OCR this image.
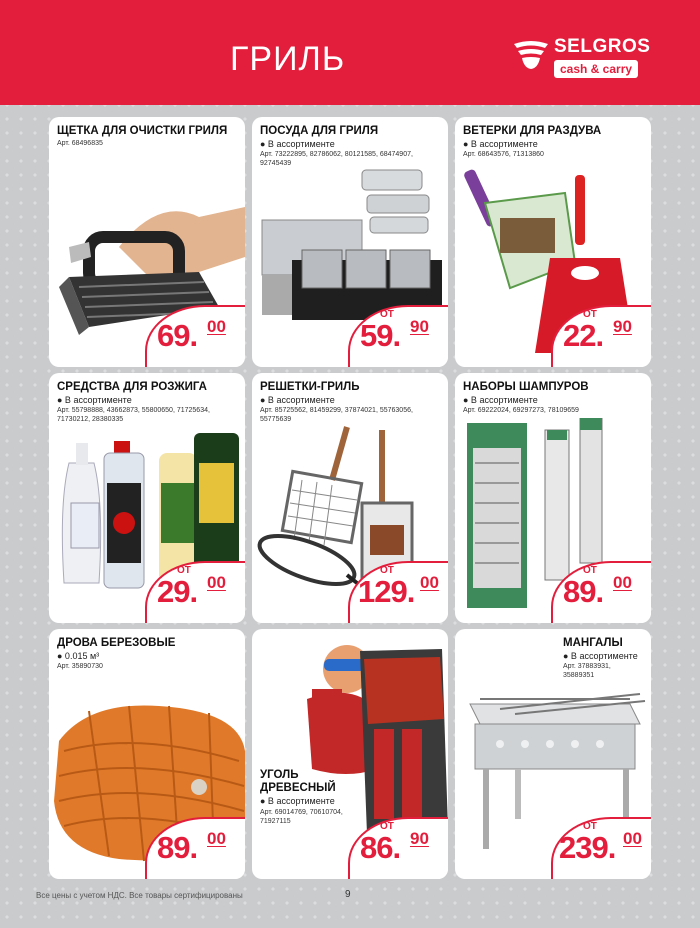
ГРИЛЬ	SELGROS
cash & carry
ЩЕТКА ДЛЯ ОЧИСТКИ ГРИЛЯ
Арт. 68496835
69. 00
ПОСУДА ДЛЯ ГРИЛЯ
● В ассортименте
Арт. 73222895, 82786062, 80121585, 68474907, 92745439
ОТ
59. 90
ВЕТЕРКИ ДЛЯ РАЗДУВА
● В ассортименте
Арт. 68643576, 71313860
ОТ
22. 90
СРЕДСТВА ДЛЯ РОЗЖИГА
● В ассортименте
Арт. 55798888, 43662873, 55800650, 71725634, 71730212, 28380335
ОТ
29. 00
РЕШЕТКИ-ГРИЛЬ
● В ассортименте
Арт. 85725562, 81459299, 37874021, 55763056, 55775639
ОТ
129. 00
НАБОРЫ ШАМПУРОВ
● В ассортименте
Арт. 69222024, 69297273, 78109659
ОТ
89. 00
ДРОВА БЕРЕЗОВЫЕ
● 0.015 м³
Арт. 35890730
89. 00
УГОЛЬ ДРЕВЕСНЫЙ
● В ассортименте
Арт. 69014769, 70610704, 71927115	ОТ
86. 90
МАНГАЛЫ
● В ассортименте
Арт. 37883931, 35889351
ОТ
239. 00
Все цены с учетом НДС. Все товары сертифицированы	9
